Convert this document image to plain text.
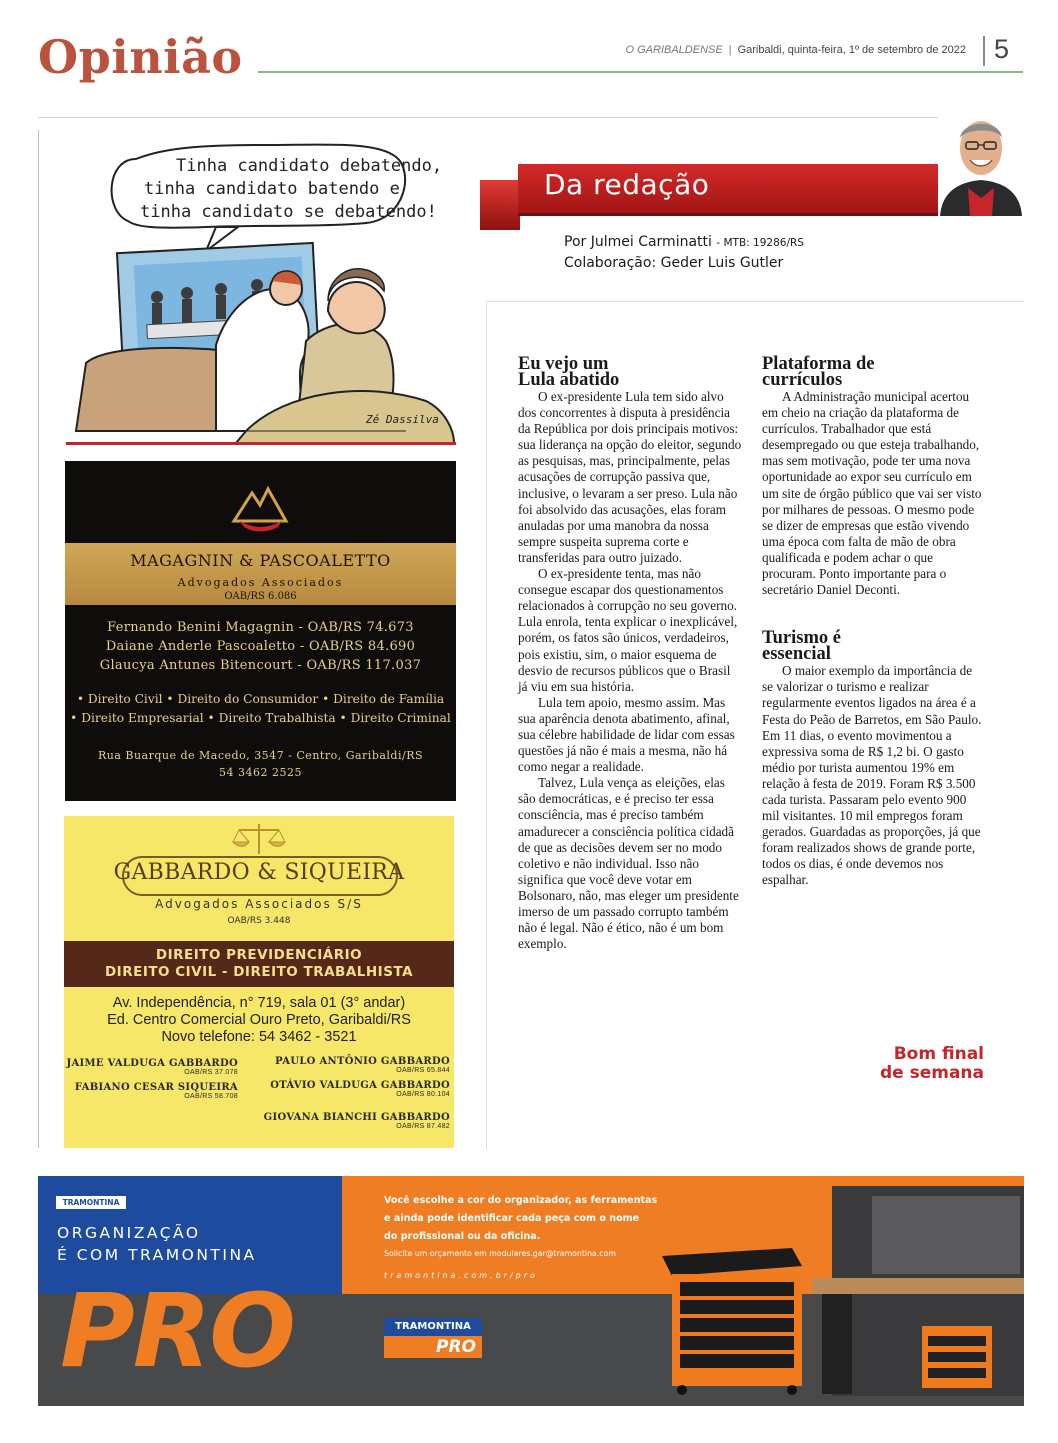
Opinião	O GARIBALDENSE | Garibaldi, quinta-feira, 1º de setembro de 2022 5
Tinha candidato debatendo,
tinha candidato batendo e
tinha candidato se debatendo!
Zé Dassilva
MAGAGNIN & PASCOALETTO
Advogados Associados
OAB/RS 6.086
Fernando Benini Magagnin - OAB/RS 74.673
Daiane Anderle Pascoaletto - OAB/RS 84.690
Glaucya Antunes Bitencourt - OAB/RS 117.037
• Direito Civil • Direito do Consumidor • Direito de Família
• Direito Empresarial • Direito Trabalhista • Direito Criminal
Rua Buarque de Macedo, 3547 - Centro, Garibaldi/RS
54 3462 2525
GABBARDO & SIQUEIRA
Advogados Associados S/S
OAB/RS 3.448
DIREITO PREVIDENCIÁRIO
DIREITO CIVIL - DIREITO TRABALHISTA
Av. Independência, n° 719, sala 01 (3° andar)
Ed. Centro Comercial Ouro Preto, Garibaldi/RS
Novo telefone: 54 3462 - 3521
JAIME VALDUGA GABBARDO
OAB/RS 37.078
PAULO ANTÔNIO GABBARDO
OAB/RS 65.844
FABIANO CESAR SIQUEIRA
OAB/RS 58.708
OTÁVIO VALDUGA GABBARDO
OAB/RS 80.104
GIOVANA BIANCHI GABBARDO
OAB/RS 87.482
Da redação
Por Julmei Carminatti - MTB: 19286/RS
Colaboração: Geder Luis Gutler
Eu vejo um
Lula abatido

O ex-presidente Lula tem sido alvo dos concorrentes à disputa à presidência da República por dois principais motivos: sua liderança na opção do eleitor, segundo as pesquisas, mas, principalmente, pelas acusações de corrupção passiva que, inclusive, o levaram a ser preso. Lula não foi absolvido das acusações, elas foram anuladas por uma manobra da nossa sempre suspeita suprema corte e transferidas para outro juizado.

O ex-presidente tenta, mas não consegue escapar dos questionamentos relacionados à corrupção no seu governo. Lula enrola, tenta explicar o inexplicável, porém, os fatos são únicos, verdadeiros, pois existiu, sim, o maior esquema de desvio de recursos públicos que o Brasil já viu em sua história.

Lula tem apoio, mesmo assim. Mas sua aparência denota abatimento, afinal, sua célebre habilidade de lidar com essas questões já não é mais a mesma, não há como negar a realidade.

Talvez, Lula vença as eleições, elas são democráticas, e é preciso ter essa consciência, mas é preciso também amadurecer a consciência política cidadã de que as decisões devem ser no modo coletivo e não individual. Isso não significa que você deve votar em Bolsonaro, não, mas eleger um presidente imerso de um passado corrupto também não é legal. Não é ético, não é um bom exemplo.

Plataforma de
currículos

A Administração municipal acertou em cheio na criação da plataforma de currículos. Trabalhador que está desempregado ou que esteja trabalhando, mas sem motivação, pode ter uma nova oportunidade ao expor seu currículo em um site de órgão público que vai ser visto por milhares de pessoas. O mesmo pode se dizer de empresas que estão vivendo uma época com falta de mão de obra qualificada e podem achar o que procuram. Ponto importante para o secretário Daniel Deconti.

Turismo é
essencial

O maior exemplo da importância de se valorizar o turismo e realizar regularmente eventos ligados na área é a Festa do Peão de Barretos, em São Paulo. Em 11 dias, o evento movimentou a expressiva soma de R$ 1,2 bi. O gasto médio por turista aumentou 19% em relação à festa de 2019. Foram R$ 3.500 cada turista. Passaram pelo evento 900 mil visitantes. 10 mil empregos foram gerados. Guardadas as proporções, já que foram realizados shows de grande porte, todos os dias, é onde devemos nos espalhar.

Bom final
de semana
TRAMONTINA
ORGANIZAÇÃO
É COM TRAMONTINA
PRO
Você escolhe a cor do organizador, as ferramentas
e ainda pode identificar cada peça com o nome
do profissional ou da oficina.
Solicite um orçamento em modulares.gar@tramontina.com
tramontina.com.br/pro
TRAMONTINA
PRO
